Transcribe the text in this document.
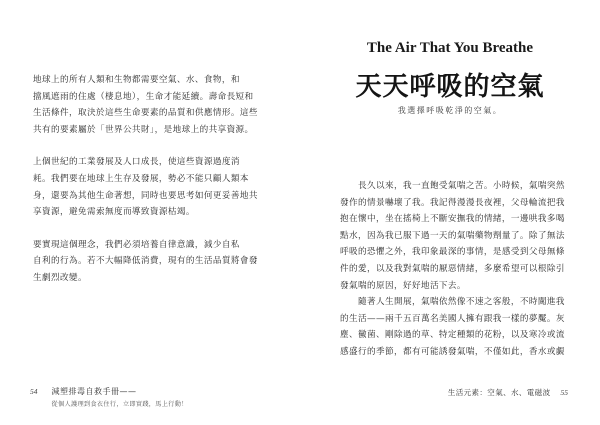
地球上的所有人類和生物都需要空氣、水、食物，和
擋風遮雨的住處（棲息地），生命才能延續。壽命長短和
生活條件，取決於這些生命要素的品質和供應情形。這些
共有的要素屬於「世界公共財」，是地球上的共享資源。

上個世紀的工業發展及人口成長，使這些資源過度消
耗。我們要在地球上生存及發展，勢必不能只顧人類本
身，還要為其他生命著想，同時也要思考如何更妥善地共
享資源，避免需索無度而導致資源枯竭。

要實現這個理念，我們必須培養自律意識，減少自私
自利的行為。若不大幅降低消費，現有的生活品質將會發
生劇烈改變。

54 減塑排毒自救手冊——
從個人護理到食衣住行，立即實踐，馬上行動！
The Air That You Breathe
天天呼吸的空氣

我選擇呼吸乾淨的空氣。

　　長久以來，我一直飽受氣喘之苦。小時候，氣喘突然
發作的情景嚇壞了我。我記得漫漫長夜裡，父母輪流把我
抱在懷中，坐在搖椅上不斷安撫我的情緒，一邊哄我多喝
點水，因為我已服下過一天的氣喘藥物劑量了。除了無法
呼吸的恐懼之外，我印象最深的事情，是感受到父母無條
件的愛，以及我對氣喘的厭惡情緒，多麼希望可以根除引
發氣喘的原因，好好地活下去。

　　隨著人生開展，氣喘依然像不速之客般，不時闖進我
的生活——兩千五百萬名美國人擁有跟我一樣的夢魘。灰
塵、黴菌、剛除過的草、特定種類的花粉，以及寒冷或流
感盛行的季節，都有可能誘發氣喘，不僅如此，香水或覷

生活元素：空氣、水、電磁波 55
